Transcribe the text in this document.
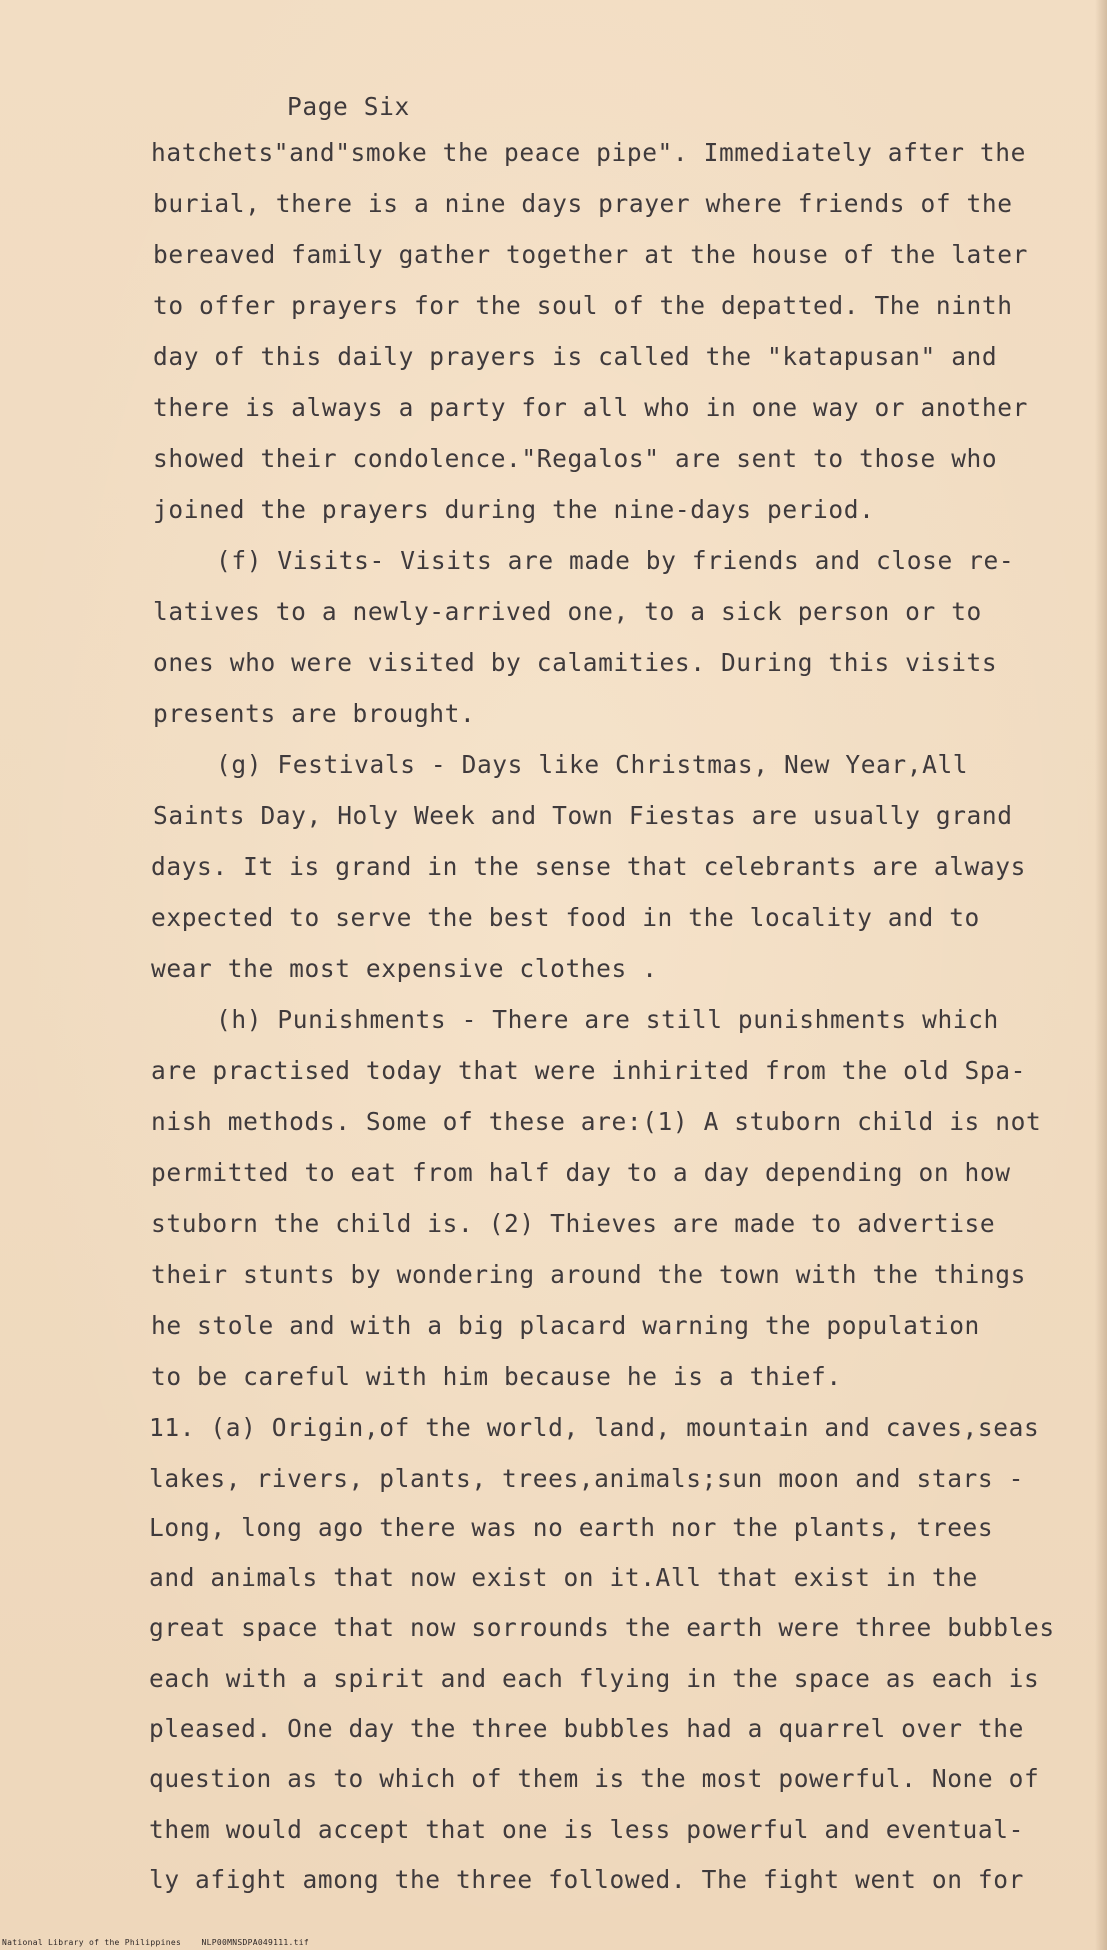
Page Six
hatchets"and"smoke the peace pipe". Immediately after the
burial, there is a nine days prayer where friends of the
bereaved family gather together at the house of the later
to offer prayers for the soul of the depatted. The ninth
day of this daily prayers is called the "katapusan" and
there is always a party for all who in one way or another
showed their condolence."Regalos" are sent to those who
joined the prayers during the nine-days period.
(f) Visits- Visits are made by friends and close re-
latives to a newly-arrived one, to a sick person or to
ones who were visited by calamities. During this visits
presents are brought.
(g) Festivals - Days like Christmas, New Year,All
Saints Day, Holy Week and Town Fiestas are usually grand
days. It is grand in the sense that celebrants are always
expected to serve the best food in the locality and to
wear the most expensive clothes .
(h) Punishments - There are still punishments which
are practised today that were inhirited from the old Spa-
nish methods. Some of these are:(1) A stuborn child is not
permitted to eat from half day to a day depending on how
stuborn the child is. (2) Thieves are made to advertise
their stunts by wondering around the town with the things
he stole and with a big placard warning the population
to be careful with him because he is a thief.
11. (a) Origin,of the world, land, mountain and caves,seas
lakes, rivers, plants, trees,animals;sun moon and stars -
Long, long ago there was no earth nor the plants, trees
and animals that now exist on it.All that exist in the
great space that now sorrounds the earth were three bubbles
each with a spirit and each flying in the space as each is
pleased. One day the three bubbles had a quarrel over the
question as to which of them is the most powerful. None of
them would accept that one is less powerful and eventual-
ly afight among the three followed. The fight went on for
National Library of the Philippines    NLP00MNSDPA049111.tif
